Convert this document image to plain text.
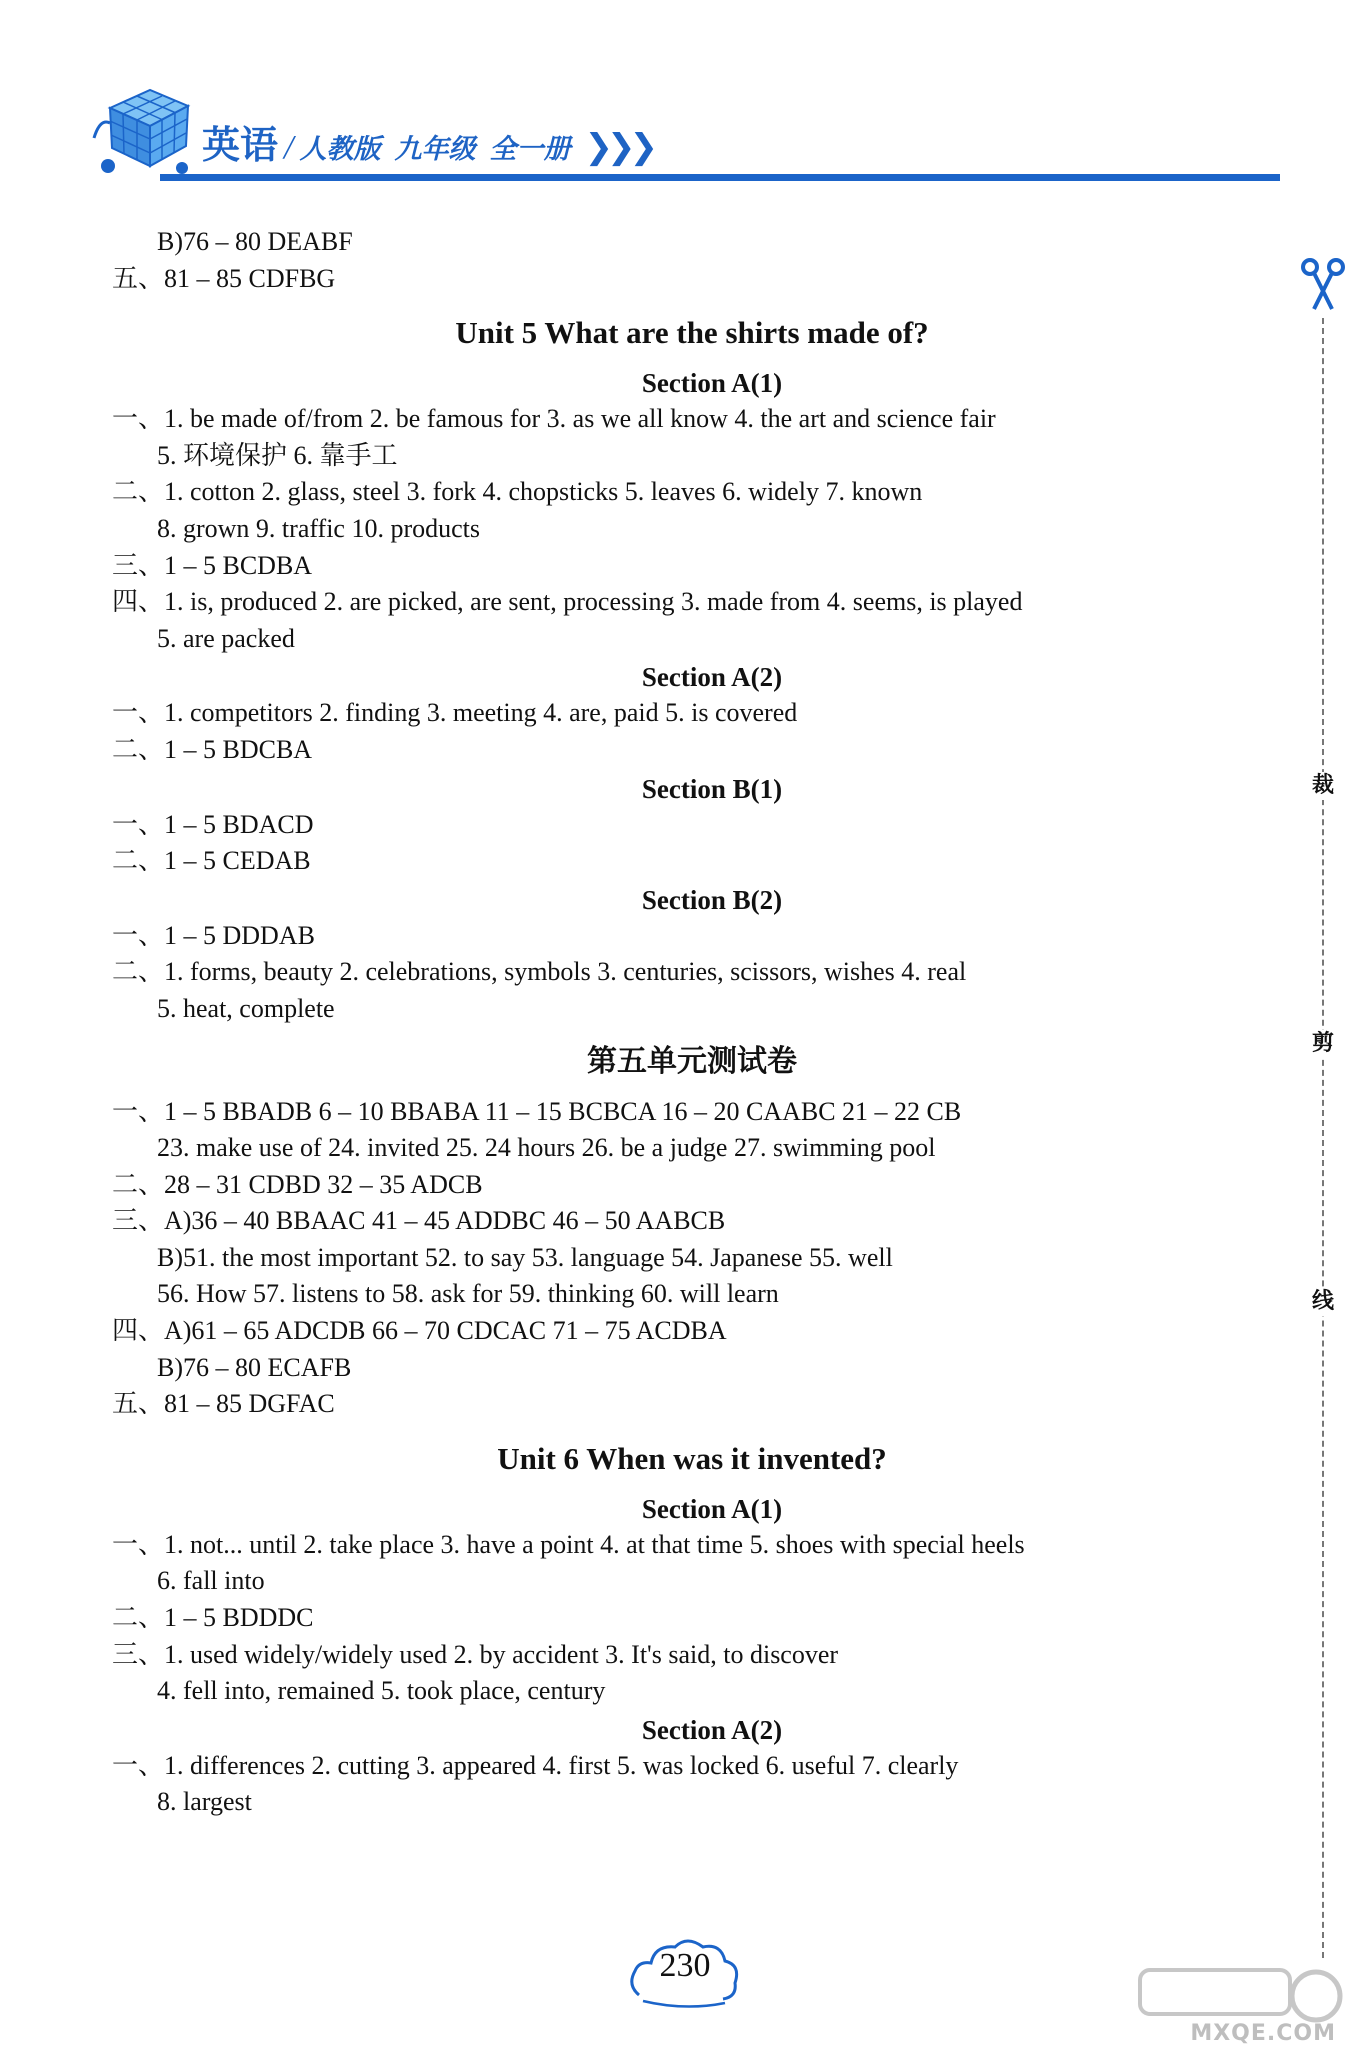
英语 / 人教版 九年级 全一册 ❯❯❯
裁
剪
线
B)76 – 80 DEABF
五、81 – 85 CDFBG
Unit 5 What are the shirts made of?
Section A(1)
一、1. be made of/from 2. be famous for 3. as we all know 4. the art and science fair
5. 环境保护 6. 靠手工
二、1. cotton 2. glass, steel 3. fork 4. chopsticks 5. leaves 6. widely 7. known
8. grown 9. traffic 10. products
三、1 – 5 BCDBA
四、1. is, produced 2. are picked, are sent, processing 3. made from 4. seems, is played
5. are packed
Section A(2)
一、1. competitors 2. finding 3. meeting 4. are, paid 5. is covered
二、1 – 5 BDCBA
Section B(1)
一、1 – 5 BDACD
二、1 – 5 CEDAB
Section B(2)
一、1 – 5 DDDAB
二、1. forms, beauty 2. celebrations, symbols 3. centuries, scissors, wishes 4. real
5. heat, complete
第五单元测试卷
一、1 – 5 BBADB 6 – 10 BBABA 11 – 15 BCBCA 16 – 20 CAABC 21 – 22 CB
23. make use of 24. invited 25. 24 hours 26. be a judge 27. swimming pool
二、28 – 31 CDBD 32 – 35 ADCB
三、A)36 – 40 BBAAC 41 – 45 ADDBC 46 – 50 AABCB
B)51. the most important 52. to say 53. language 54. Japanese 55. well
56. How 57. listens to 58. ask for 59. thinking 60. will learn
四、A)61 – 65 ADCDB 66 – 70 CDCAC 71 – 75 ACDBA
B)76 – 80 ECAFB
五、81 – 85 DGFAC
Unit 6 When was it invented?
Section A(1)
一、1. not... until 2. take place 3. have a point 4. at that time 5. shoes with special heels
6. fall into
二、1 – 5 BDDDC
三、1. used widely/widely used 2. by accident 3. It's said, to discover
4. fell into, remained 5. took place, century
Section A(2)
一、1. differences 2. cutting 3. appeared 4. first 5. was locked 6. useful 7. clearly
8. largest
230
MXQE.COM
